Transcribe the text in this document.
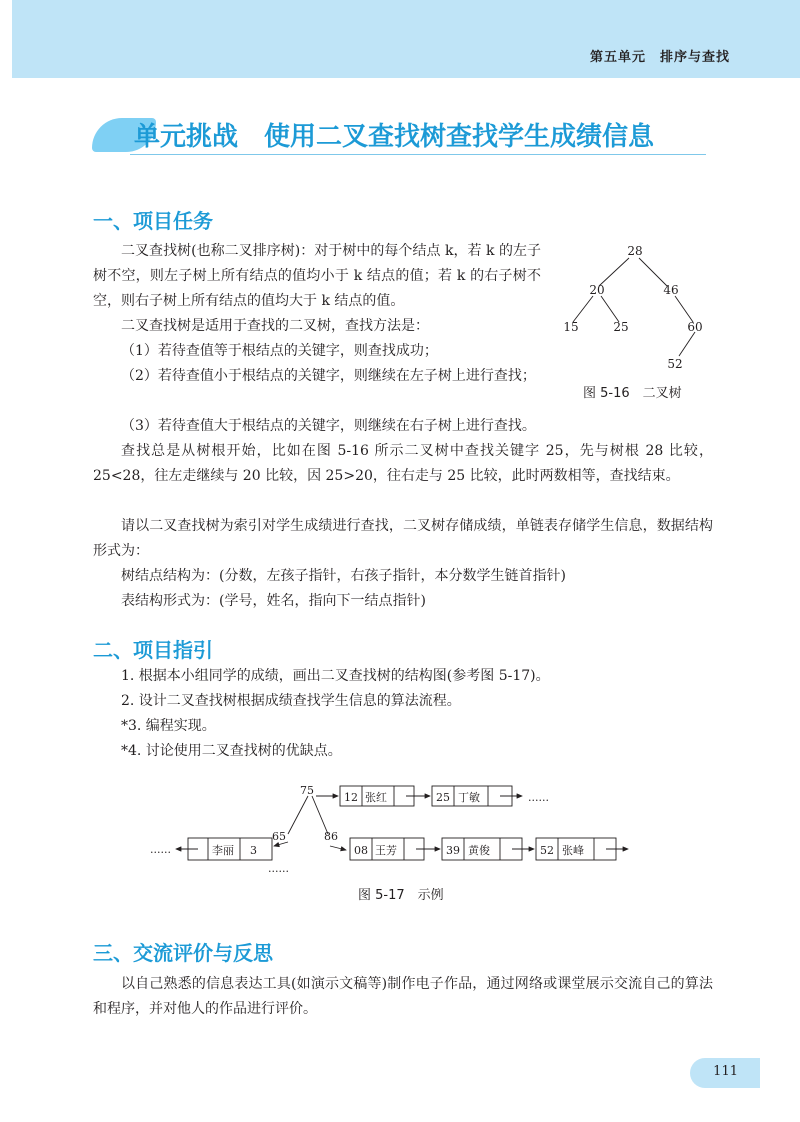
第五单元　排序与查找
单元挑战　使用二叉查找树查找学生成绩信息
一、项目任务
二叉查找树(也称二叉排序树)：对于树中的每个结点 k，若 k 的左子树不空，则左子树上所有结点的值均小于 k 结点的值；若 k 的右子树不空，则右子树上所有结点的值均大于 k 结点的值。
二叉查找树是适用于查找的二叉树，查找方法是：
（1）若待查值等于根结点的关键字，则查找成功；
（2）若待查值小于根结点的关键字，则继续在左子树上进行查找；
（3）若待查值大于根结点的关键字，则继续在右子树上进行查找。
查找总是从树根开始，比如在图 5-16 所示二叉树中查找关键字 25，先与树根 28 比较，25<28，往左走继续与 20 比较，因 25>20，往右走与 25 比较，此时两数相等，查找结束。
请以二叉查找树为索引对学生成绩进行查找，二叉树存储成绩，单链表存储学生信息，数据结构形式为：
树结点结构为：(分数，左孩子指针，右孩子指针，本分数学生链首指针)
表结构形式为：(学号，姓名，指向下一结点指针)
28
20	46
15	25	60
52
图 5-16　二叉树
二、项目指引
1. 根据本小组同学的成绩，画出二叉查找树的结构图(参考图 5-17)。
2. 设计二叉查找树根据成绩查找学生信息的算法流程。
*3. 编程实现。
*4. 讨论使用二叉查找树的优缺点。
75
65	86
12 张红	25 丁敏	......
08 王芳	39 黄俊	52 张峰
李丽 3
......
......
图 5-17　示例
三、交流评价与反思
以自己熟悉的信息表达工具(如演示文稿等)制作电子作品，通过网络或课堂展示交流自己的算法和程序，并对他人的作品进行评价。
111
